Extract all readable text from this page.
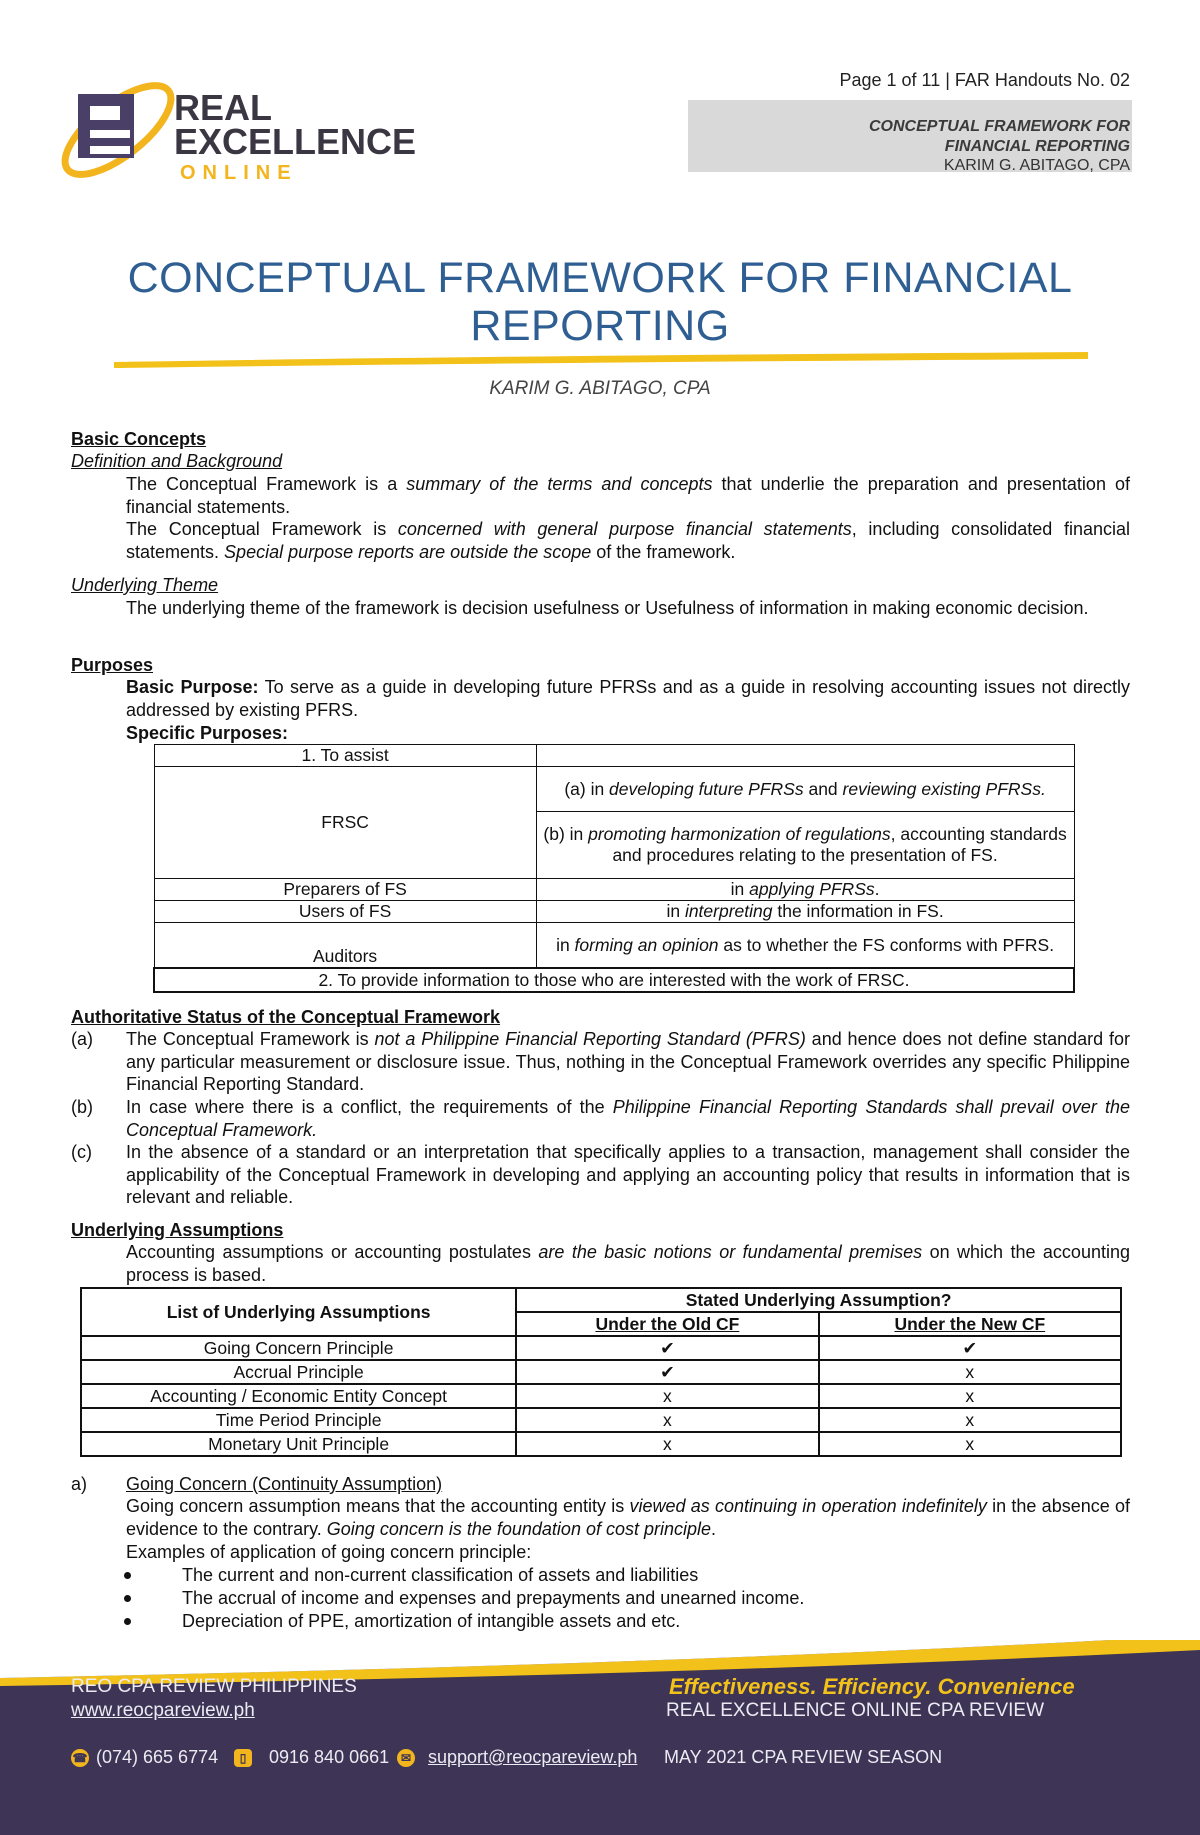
REAL
EXCELLENCE
ONLINE
Page 1 of 11 | FAR Handouts No. 02
CONCEPTUAL FRAMEWORK FOR
FINANCIAL REPORTING
KARIM G. ABITAGO, CPA
CONCEPTUAL FRAMEWORK FOR FINANCIAL
REPORTING
KARIM G. ABITAGO, CPA
Basic Concepts
Definition and Background
The Conceptual Framework is a summary of the terms and concepts that underlie the preparation and presentation of financial statements.
The Conceptual Framework is concerned with general purpose financial statements, including consolidated financial statements. Special purpose reports are outside the scope of the framework.
Underlying Theme
The underlying theme of the framework is decision usefulness or Usefulness of information in making economic decision.
Purposes
Basic Purpose: To serve as a guide in developing future PFRSs and as a guide in resolving accounting issues not directly addressed by existing PFRS.
Specific Purposes:
1. To assist	
FRSC	(a) in developing future PFRSs and reviewing existing PFRSs.
	(b) in promoting harmonization of regulations, accounting standards and procedures relating to the presentation of FS.
Preparers of FS	in applying PFRSs.
Users of FS	in interpreting the information in FS.
Auditors	in forming an opinion as to whether the FS conforms with PFRS.
2. To provide information to those who are interested with the work of FRSC.	
Authoritative Status of the Conceptual Framework
(a) The Conceptual Framework is not a Philippine Financial Reporting Standard (PFRS) and hence does not define standard for any particular measurement or disclosure issue. Thus, nothing in the Conceptual Framework overrides any specific Philippine Financial Reporting Standard.
(b) In case where there is a conflict, the requirements of the Philippine Financial Reporting Standards shall prevail over the Conceptual Framework.
(c) In the absence of a standard or an interpretation that specifically applies to a transaction, management shall consider the applicability of the Conceptual Framework in developing and applying an accounting policy that results in information that is relevant and reliable.
Underlying Assumptions
Accounting assumptions or accounting postulates are the basic notions or fundamental premises on which the accounting process is based.
List of Underlying Assumptions	Stated Underlying Assumption?	
	Under the Old CF	Under the New CF
Going Concern Principle	✔	✔
Accrual Principle	✔	x
Accounting / Economic Entity Concept	x	x
Time Period Principle	x	x
Monetary Unit Principle	x	x
a) Going Concern (Continuity Assumption)
Going concern assumption means that the accounting entity is viewed as continuing in operation indefinitely in the absence of evidence to the contrary. Going concern is the foundation of cost principle.
Examples of application of going concern principle:
The current and non-current classification of assets and liabilities
The accrual of income and expenses and prepayments and unearned income.
Depreciation of PPE, amortization of intangible assets and etc.
REO CPA REVIEW PHILIPPINES
www.reocpareview.ph
Effectiveness. Efficiency. Convenience
REAL EXCELLENCE ONLINE CPA REVIEW
☎ (074) 665 6774	▯	0916 840 0661 ✉ support@reocpareview.ph MAY 2021 CPA REVIEW SEASON
